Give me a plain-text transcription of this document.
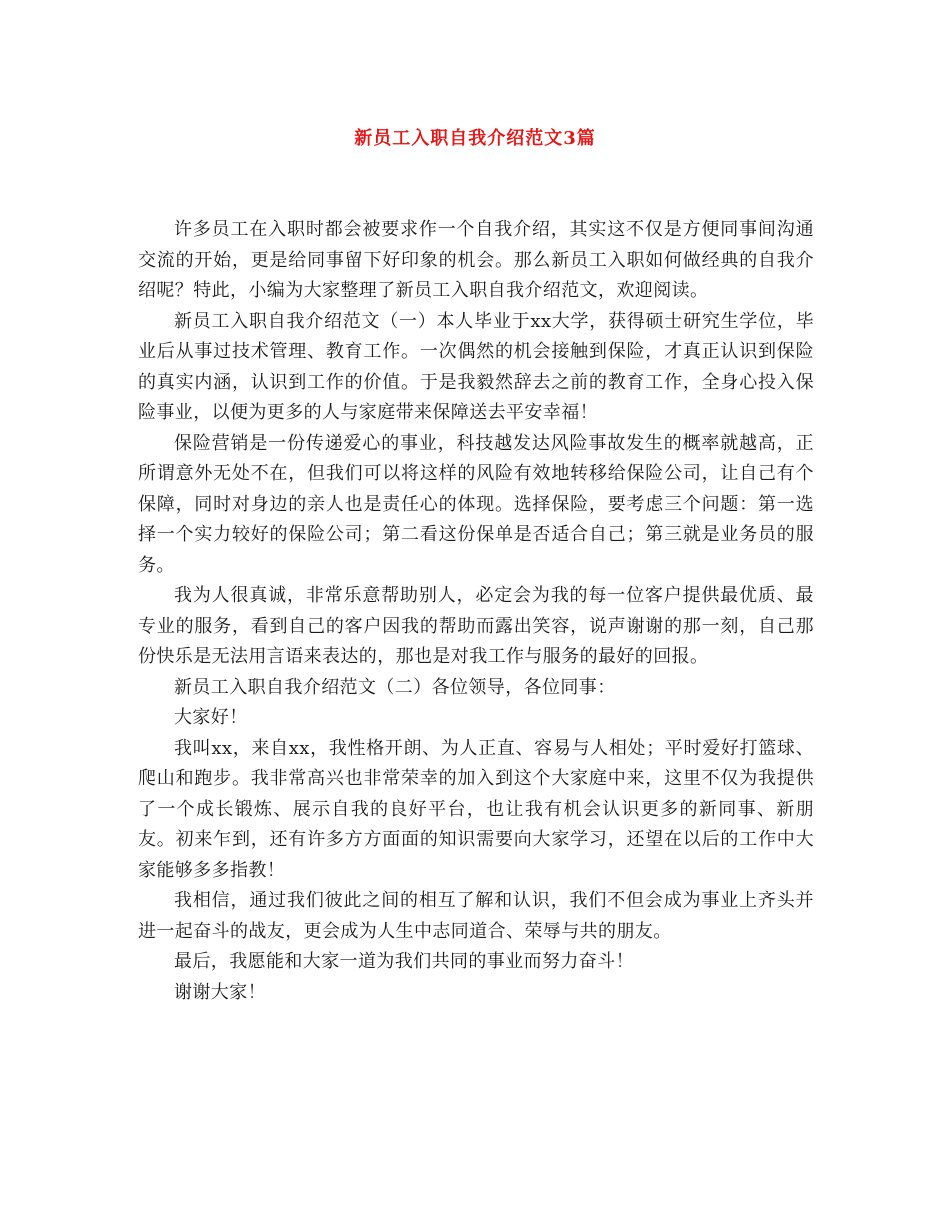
新员工入职自我介绍范文3篇

许多员工在入职时都会被要求作一个自我介绍，其实这不仅是方便同事间沟通交流的开始，更是给同事留下好印象的机会。那么新员工入职如何做经典的自我介绍呢？特此，小编为大家整理了新员工入职自我介绍范文，欢迎阅读。

新员工入职自我介绍范文（一）本人毕业于xx大学，获得硕士研究生学位，毕业后从事过技术管理、教育工作。一次偶然的机会接触到保险，才真正认识到保险的真实内涵，认识到工作的价值。于是我毅然辞去之前的教育工作，全身心投入保险事业，以便为更多的人与家庭带来保障送去平安幸福！

保险营销是一份传递爱心的事业，科技越发达风险事故发生的概率就越高，正所谓意外无处不在，但我们可以将这样的风险有效地转移给保险公司，让自己有个保障，同时对身边的亲人也是责任心的体现。选择保险，要考虑三个问题：第一选择一个实力较好的保险公司；第二看这份保单是否适合自己；第三就是业务员的服务。

我为人很真诚，非常乐意帮助别人，必定会为我的每一位客户提供最优质、最专业的服务，看到自己的客户因我的帮助而露出笑容，说声谢谢的那一刻，自己那份快乐是无法用言语来表达的，那也是对我工作与服务的最好的回报。

新员工入职自我介绍范文（二）各位领导，各位同事：

大家好！

我叫xx，来自xx，我性格开朗、为人正直、容易与人相处；平时爱好打篮球、爬山和跑步。我非常高兴也非常荣幸的加入到这个大家庭中来，这里不仅为我提供了一个成长锻炼、展示自我的良好平台，也让我有机会认识更多的新同事、新朋友。初来乍到，还有许多方方面面的知识需要向大家学习，还望在以后的工作中大家能够多多指教！

我相信，通过我们彼此之间的相互了解和认识，我们不但会成为事业上齐头并进一起奋斗的战友，更会成为人生中志同道合、荣辱与共的朋友。

最后，我愿能和大家一道为我们共同的事业而努力奋斗！

谢谢大家！
